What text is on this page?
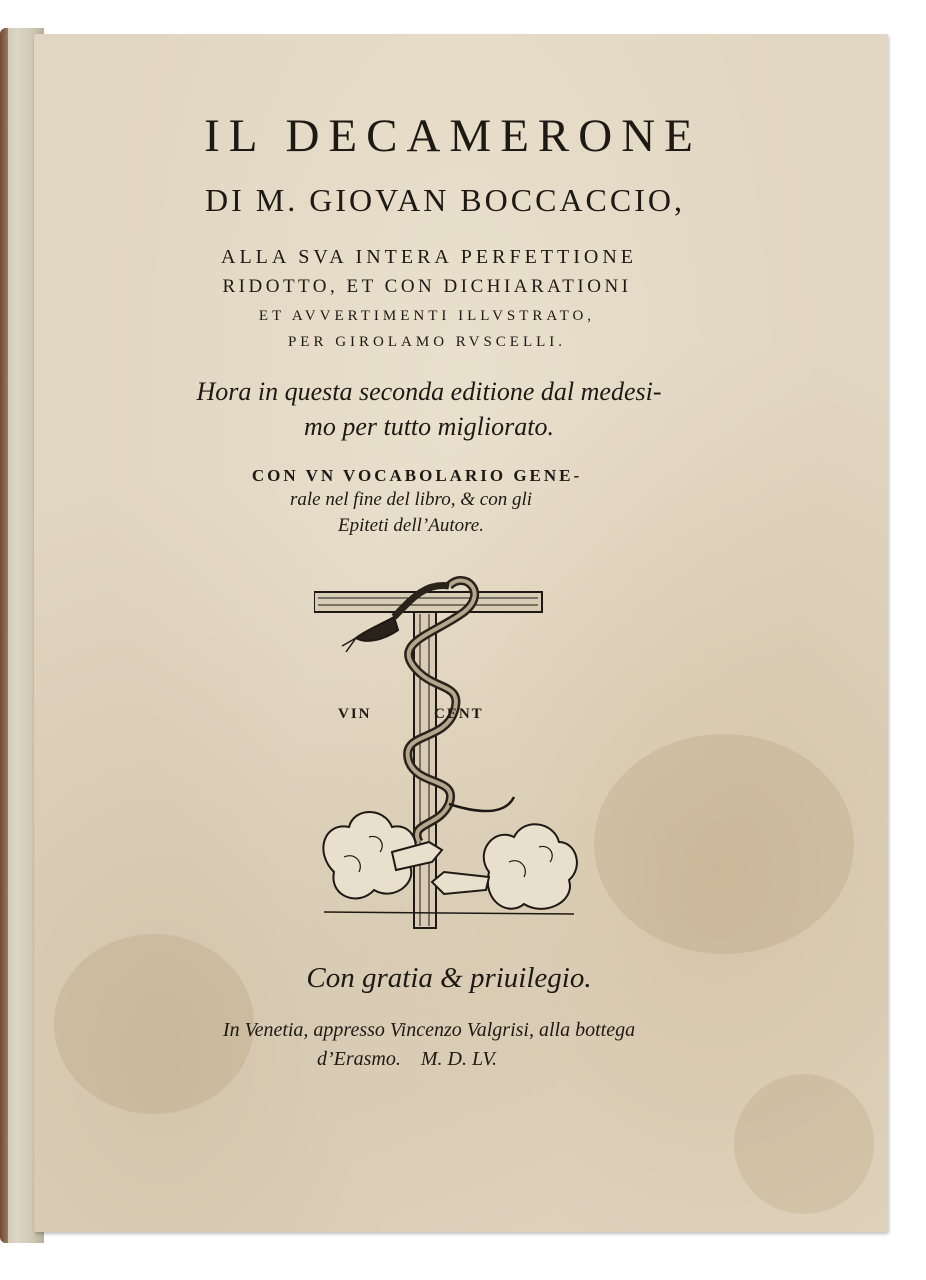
IL DECAMERONE
DI M. GIOVAN BOCCACCIO,
ALLA SVA INTERA PERFETTIONE
RIDOTTO, ET CON DICHIARATIONI
ET AVVERTIMENTI ILLVSTRATO,
PER GIROLAMO RVSCELLI.
Hora in questa seconda editione dal medesi-
mo per tutto migliorato.
CON VN VOCABOLARIO GENE-
rale nel fine del libro, & con gli
Epiteti dell’Autore.
VIN	CENT
Con gratia & priuilegio.
In Venetia, appresso Vincenzo Valgrisi, alla bottega
d’Erasmo.    M. D. LV.
